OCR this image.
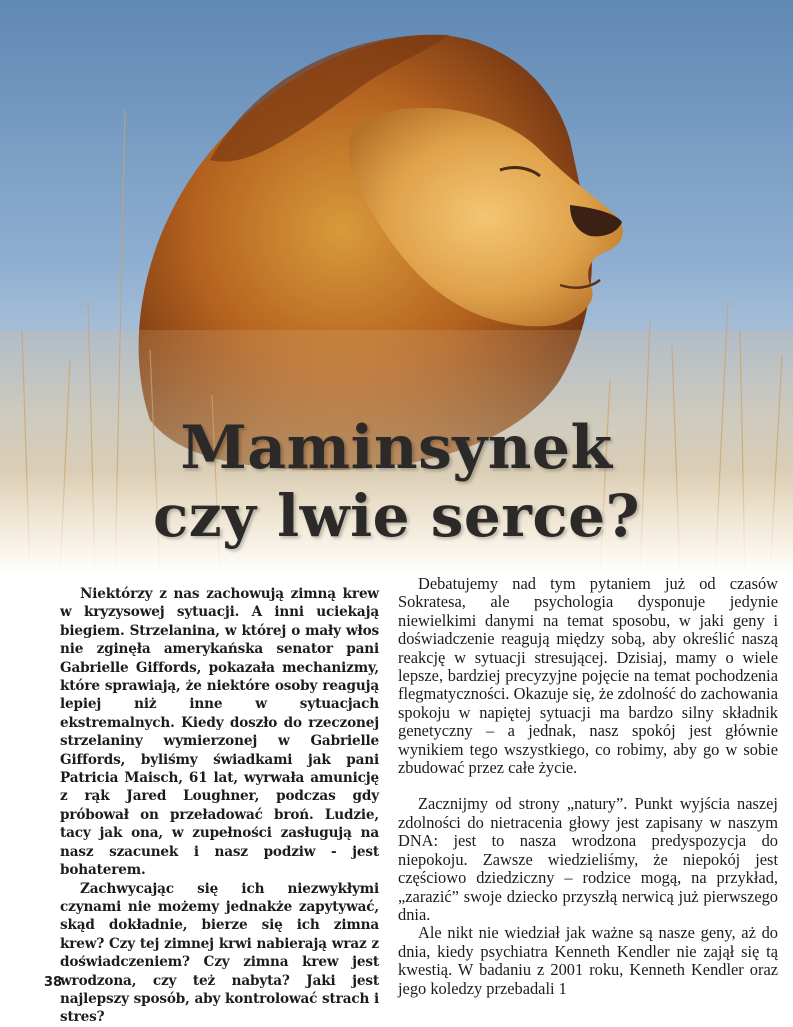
Maminsynek
czy lwie serce?

Niektórzy z nas zachowują zimną krew w kryzysowej sytuacji. A inni uciekają biegiem. Strzelanina, w której o mały włos nie zginęła amerykańska senator pani Gabrielle Giffords, pokazała mechanizmy, które sprawiają, że niektóre osoby reagują lepiej niż inne w sytuacjach ekstremalnych. Kiedy doszło do rzeczonej strzelaniny wymierzonej w Gabrielle Giffords, byliśmy świadkami jak pani Patricia Maisch, 61 lat, wyrwała amunicję z rąk Jared Loughner, podczas gdy próbował on przeładować broń. Ludzie, tacy jak ona, w zupełności zasługują na nasz szacunek i nasz podziw - jest bohaterem.

Zachwycając się ich niezwykłymi czynami nie możemy jednakże zapytywać, skąd dokładnie, bierze się ich zimna krew? Czy tej zimnej krwi nabierają wraz z doświadczeniem? Czy zimna krew jest wrodzona, czy też nabyta? Jaki jest najlepszy sposób, aby kontrolować strach i stres?

Debatujemy nad tym pytaniem już od czasów Sokratesa, ale psychologia dysponuje jedynie niewielkimi danymi na temat sposobu, w jaki geny i doświadczenie reagują między sobą, aby określić naszą reakcję w sytuacji stresującej. Dzisiaj, mamy o wiele lepsze, bardziej precyzyjne pojęcie na temat pochodzenia flegmatyczności. Okazuje się, że zdolność do zachowania spokoju w napiętej sytuacji ma bardzo silny składnik genetyczny – a jednak, nasz spokój jest głównie wynikiem tego wszystkiego, co robimy, aby go w sobie zbudować przez całe życie.

Zacznijmy od strony „natury”. Punkt wyjścia naszej zdolności do nietracenia głowy jest zapisany w naszym DNA: jest to nasza wrodzona predyspozycja do niepokoju. Zawsze wiedzieliśmy, że niepokój jest częściowo dziedziczny – rodzice mogą, na przykład, „zarazić” swoje dziecko przyszłą nerwicą już pierwszego dnia.

Ale nikt nie wiedział jak ważne są nasze geny, aż do dnia, kiedy psychiatra Kenneth Kendler nie zajął się tą kwestią. W badaniu z 2001 roku, Kenneth Kendler oraz jego koledzy przebadali 1

38
